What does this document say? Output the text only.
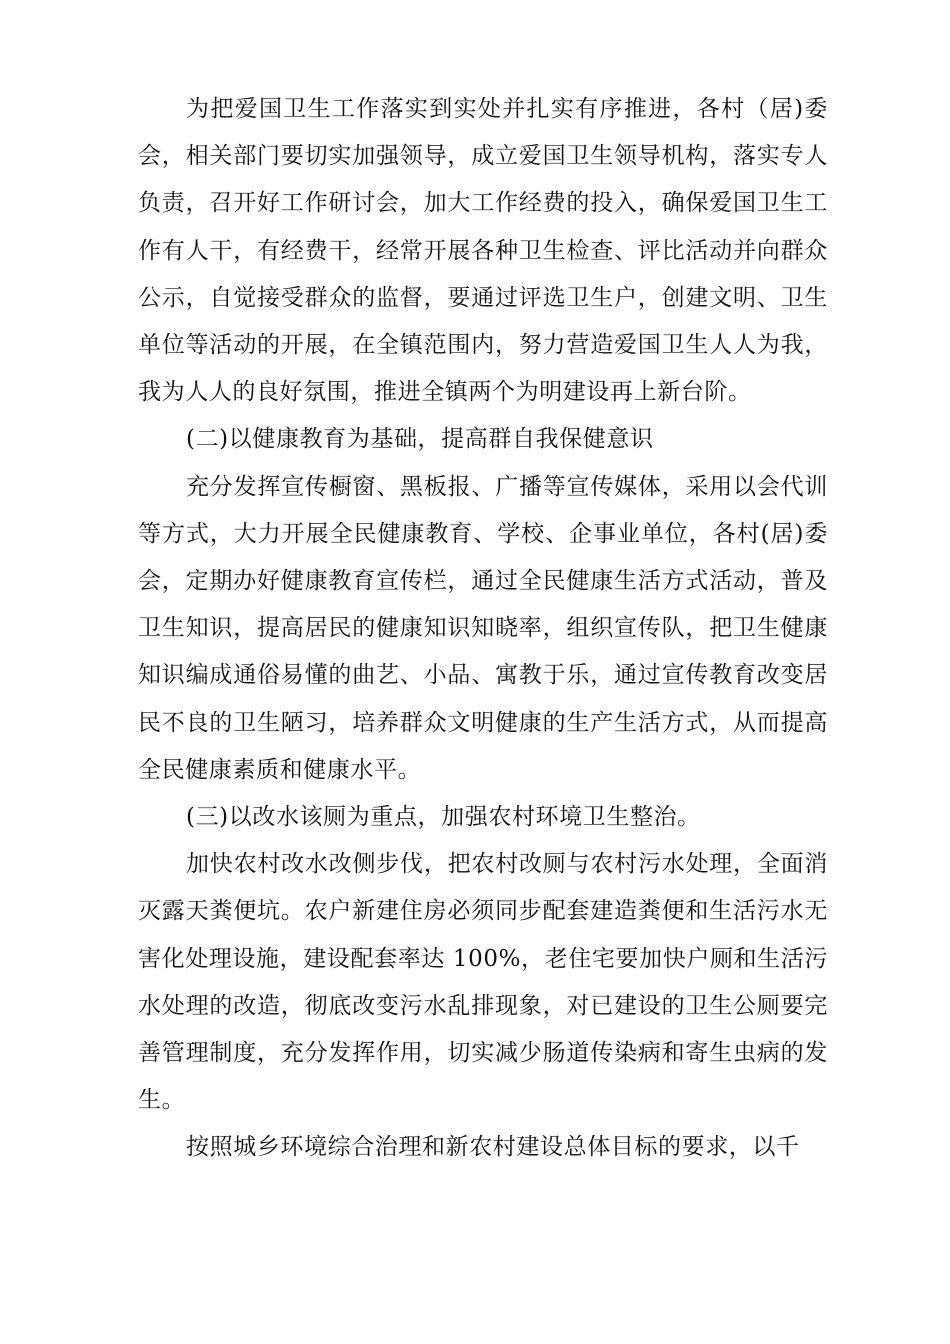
为把爱国卫生工作落实到实处并扎实有序推进，各村（居)委会，相关部门要切实加强领导，成立爱国卫生领导机构，落实专人负责，召开好工作研讨会，加大工作经费的投入，确保爱国卫生工作有人干，有经费干，经常开展各种卫生检查、评比活动并向群众公示，自觉接受群众的监督，要通过评选卫生户，创建文明、卫生单位等活动的开展，在全镇范围内，努力营造爱国卫生人人为我，我为人人的良好氛围，推进全镇两个为明建设再上新台阶。

(二)以健康教育为基础，提高群自我保健意识

充分发挥宣传橱窗、黑板报、广播等宣传媒体，采用以会代训等方式，大力开展全民健康教育、学校、企事业单位，各村(居)委会，定期办好健康教育宣传栏，通过全民健康生活方式活动，普及卫生知识，提高居民的健康知识知晓率，组织宣传队，把卫生健康知识编成通俗易懂的曲艺、小品、寓教于乐，通过宣传教育改变居民不良的卫生陋习，培养群众文明健康的生产生活方式，从而提高全民健康素质和健康水平。

(三)以改水该厕为重点，加强农村环境卫生整治。

加快农村改水改侧步伐，把农村改厕与农村污水处理，全面消灭露天粪便坑。农户新建住房必须同步配套建造粪便和生活污水无害化处理设施，建设配套率达 100%，老住宅要加快户厕和生活污水处理的改造，彻底改变污水乱排现象，对已建设的卫生公厕要完善管理制度，充分发挥作用，切实减少肠道传染病和寄生虫病的发生。

按照城乡环境综合治理和新农村建设总体目标的要求，以千
